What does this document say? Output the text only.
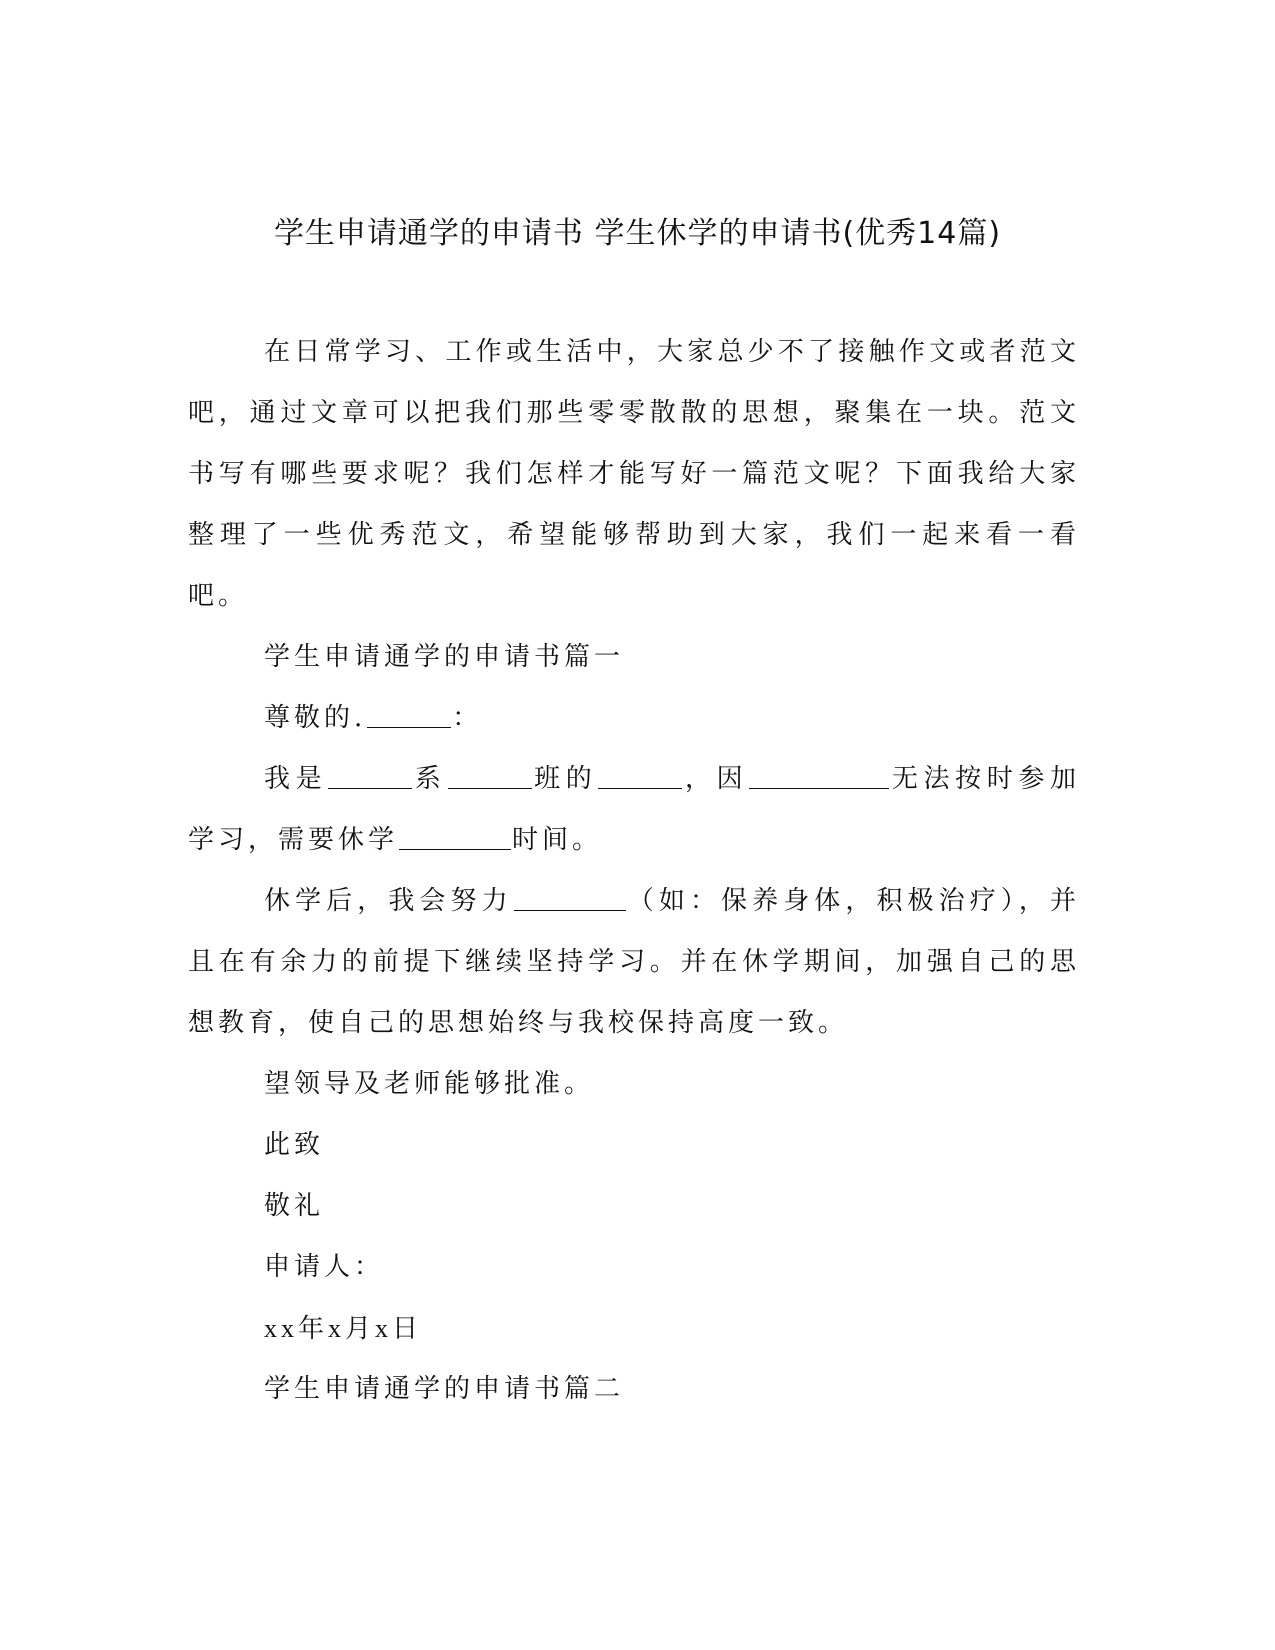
学生申请通学的申请书 学生休学的申请书(优秀14篇)

在日常学习、工作或生活中，大家总少不了接触作文或者范文吧，通过文章可以把我们那些零零散散的思想，聚集在一块。范文书写有哪些要求呢？我们怎样才能写好一篇范文呢？下面我给大家整理了一些优秀范文，希望能够帮助到大家，我们一起来看一看吧。

学生申请通学的申请书篇一

尊敬的.	：

我是	系	班的	，因	无法按时参加学习，需要休学	时间。

休学后，我会努力	（如：保养身体，积极治疗），并且在有余力的前提下继续坚持学习。并在休学期间，加强自己的思想教育，使自己的思想始终与我校保持高度一致。

望领导及老师能够批准。

此致

敬礼

申请人：

xx年x月x日

学生申请通学的申请书篇二
